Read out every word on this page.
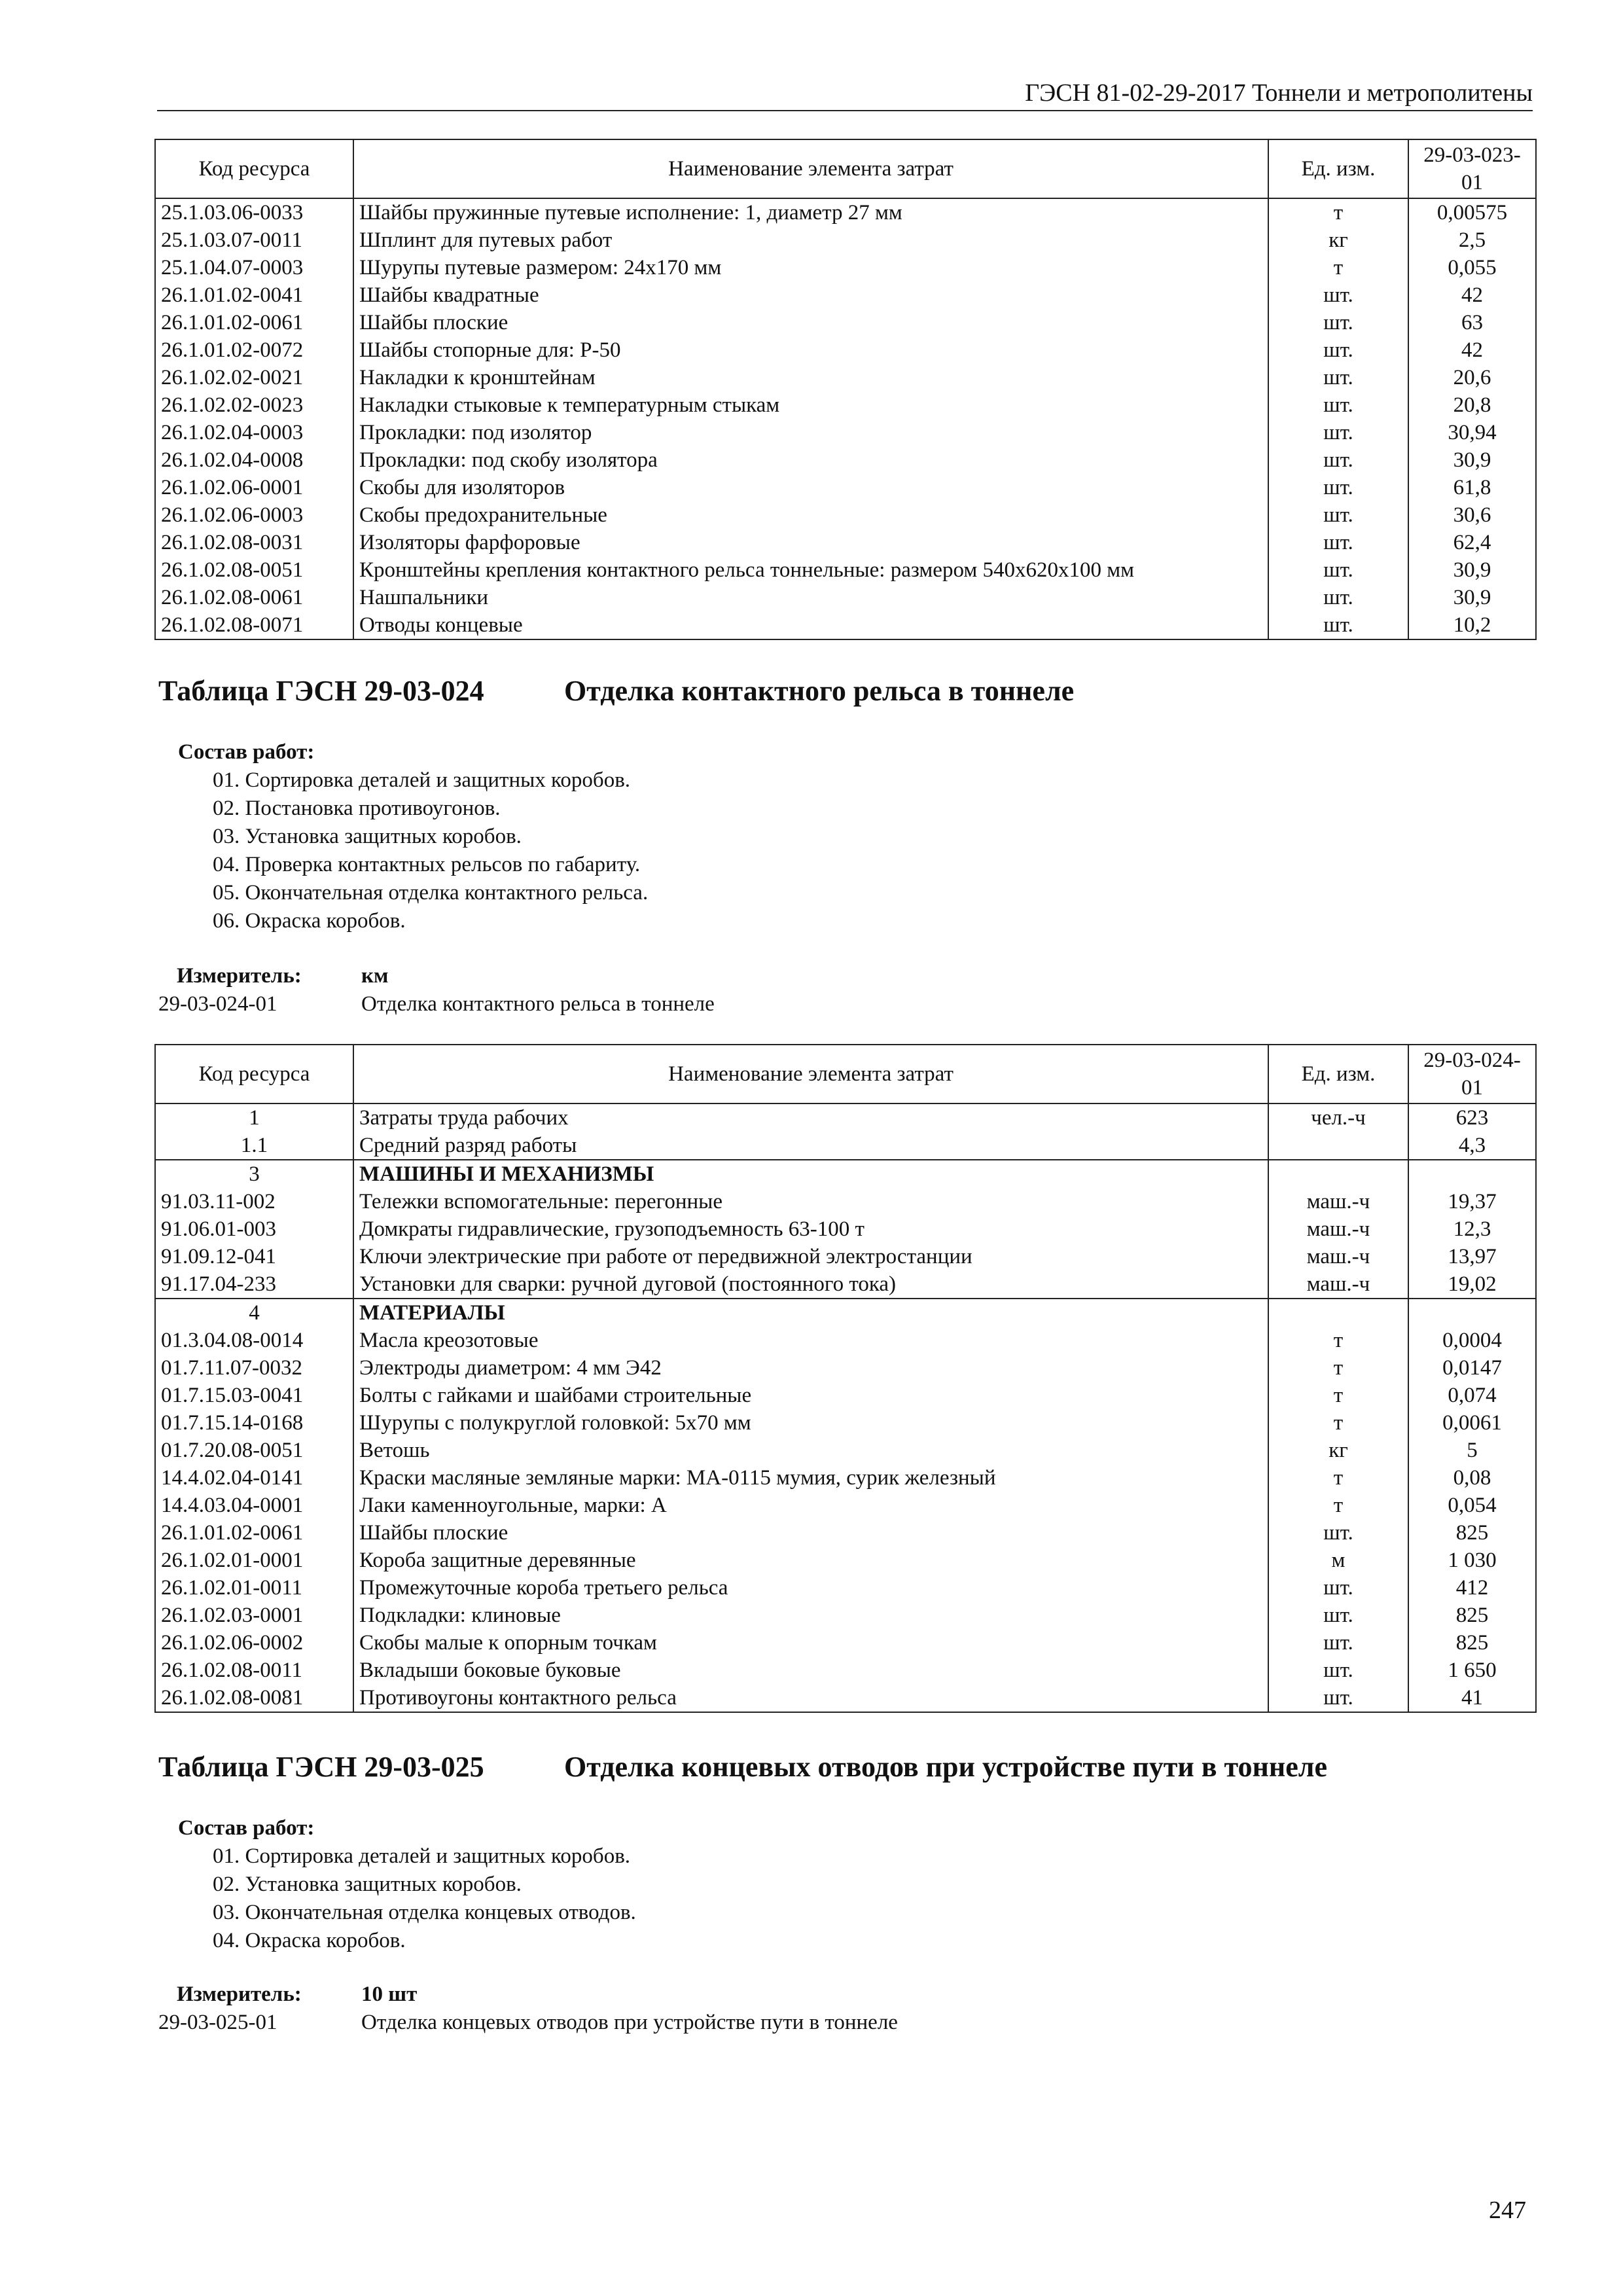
ГЭСН 81-02-29-2017 Тоннели и метрополитены
Код ресурса	Наименование элемента затрат	Ед. изм.	29-03-023-01
25.1.03.06-0033	Шайбы пружинные путевые исполнение: 1, диаметр 27 мм	т	0,00575
25.1.03.07-0011	Шплинт для путевых работ	кг	2,5
25.1.04.07-0003	Шурупы путевые размером: 24x170 мм	т	0,055
26.1.01.02-0041	Шайбы квадратные	шт.	42
26.1.01.02-0061	Шайбы плоские	шт.	63
26.1.01.02-0072	Шайбы стопорные для: Р-50	шт.	42
26.1.02.02-0021	Накладки к кронштейнам	шт.	20,6
26.1.02.02-0023	Накладки стыковые к температурным стыкам	шт.	20,8
26.1.02.04-0003	Прокладки: под изолятор	шт.	30,94
26.1.02.04-0008	Прокладки: под скобу изолятора	шт.	30,9
26.1.02.06-0001	Скобы для изоляторов	шт.	61,8
26.1.02.06-0003	Скобы предохранительные	шт.	30,6
26.1.02.08-0031	Изоляторы фарфоровые	шт.	62,4
26.1.02.08-0051	Кронштейны крепления контактного рельса тоннельные: размером 540х620х100 мм	шт.	30,9
26.1.02.08-0061	Нашпальники	шт.	30,9
26.1.02.08-0071	Отводы концевые	шт.	10,2
Таблица ГЭСН 29-03-024	Отделка контактного рельса в тоннеле
Состав работ:
01. Сортировка деталей и защитных коробов.
02. Постановка противоугонов.
03. Установка защитных коробов.
04. Проверка контактных рельсов по габариту.
05. Окончательная отделка контактного рельса.
06. Окраска коробов.
Измеритель:	км
29-03-024-01	Отделка контактного рельса в тоннеле
Код ресурса	Наименование элемента затрат	Ед. изм.	29-03-024-01
1	Затраты труда рабочих	чел.-ч	623
1.1	Средний разряд работы		4,3
3	МАШИНЫ И МЕХАНИЗМЫ		
91.03.11-002	Тележки вспомогательные: перегонные	маш.-ч	19,37
91.06.01-003	Домкраты гидравлические, грузоподъемность 63-100 т	маш.-ч	12,3
91.09.12-041	Ключи электрические при работе от передвижной электростанции	маш.-ч	13,97
91.17.04-233	Установки для сварки: ручной дуговой (постоянного тока)	маш.-ч	19,02
4	МАТЕРИАЛЫ		
01.3.04.08-0014	Масла креозотовые	т	0,0004
01.7.11.07-0032	Электроды диаметром: 4 мм Э42	т	0,0147
01.7.15.03-0041	Болты с гайками и шайбами строительные	т	0,074
01.7.15.14-0168	Шурупы с полукруглой головкой: 5x70 мм	т	0,0061
01.7.20.08-0051	Ветошь	кг	5
14.4.02.04-0141	Краски масляные земляные марки: МА-0115 мумия, сурик железный	т	0,08
14.4.03.04-0001	Лаки каменноугольные, марки: А	т	0,054
26.1.01.02-0061	Шайбы плоские	шт.	825
26.1.02.01-0001	Короба защитные деревянные	м	1 030
26.1.02.01-0011	Промежуточные короба третьего рельса	шт.	412
26.1.02.03-0001	Подкладки: клиновые	шт.	825
26.1.02.06-0002	Скобы малые к опорным точкам	шт.	825
26.1.02.08-0011	Вкладыши боковые буковые	шт.	1 650
26.1.02.08-0081	Противоугоны контактного рельса	шт.	41
Таблица ГЭСН 29-03-025	Отделка концевых отводов при устройстве пути в тоннеле
Состав работ:
01. Сортировка деталей и защитных коробов.
02. Установка защитных коробов.
03. Окончательная отделка концевых отводов.
04. Окраска коробов.
Измеритель:	10 шт
29-03-025-01	Отделка концевых отводов при устройстве пути в тоннеле
247
